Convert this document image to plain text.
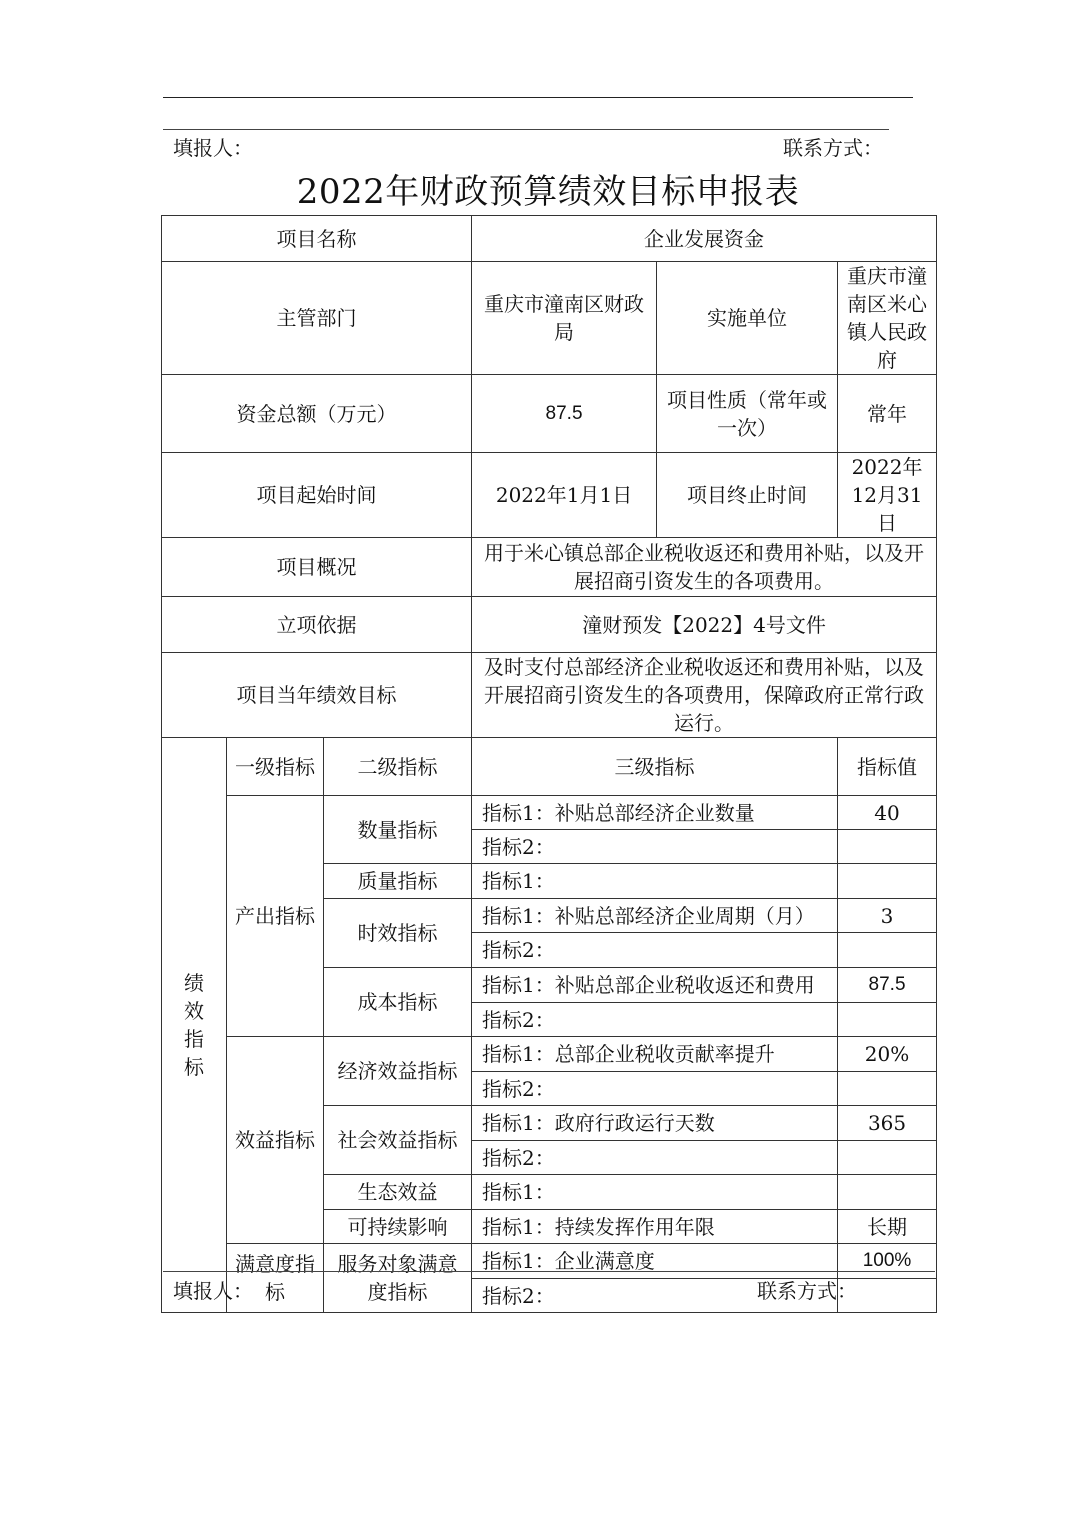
填报人：	联系方式：
2022年财政预算绩效目标申报表
项目名称			企业发展资金		
主管部门			重庆市潼南区财政局	实施单位	重庆市潼南区米心镇人民政府
资金总额（万元）			87.5	项目性质（常年或一次）	常年
项目起始时间			2022年1月1日	项目终止时间	2022年12月31日
项目概况			用于米心镇总部企业税收返还和费用补贴，以及开展招商引资发生的各项费用。		
立项依据			潼财预发【2022】4号文件		
项目当年绩效目标			及时支付总部经济企业税收返还和费用补贴，以及开展招商引资发生的各项费用，保障政府正常行政运行。		

绩效指标	一级指标	二级指标	三级指标		指标值
	产出指标	数量指标	指标1：补贴总部经济企业数量		40
			指标2：		
		质量指标	指标1：		
		时效指标	指标1：补贴总部经济企业周期（月）		3
			指标2：		
		成本指标	指标1：补贴总部企业税收返还和费用		87.5
			指标2：		
	效益指标	经济效益指标	指标1：总部企业税收贡献率提升		20%
			指标2：		
		社会效益指标	指标1：政府行政运行天数		365
			指标2：		
		生态效益	指标1：		
		可持续影响	指标1：持续发挥作用年限		长期
	满意度指标	服务对象满意度指标	指标1：企业满意度		100%
			指标2：		
填报人：	联系方式：
